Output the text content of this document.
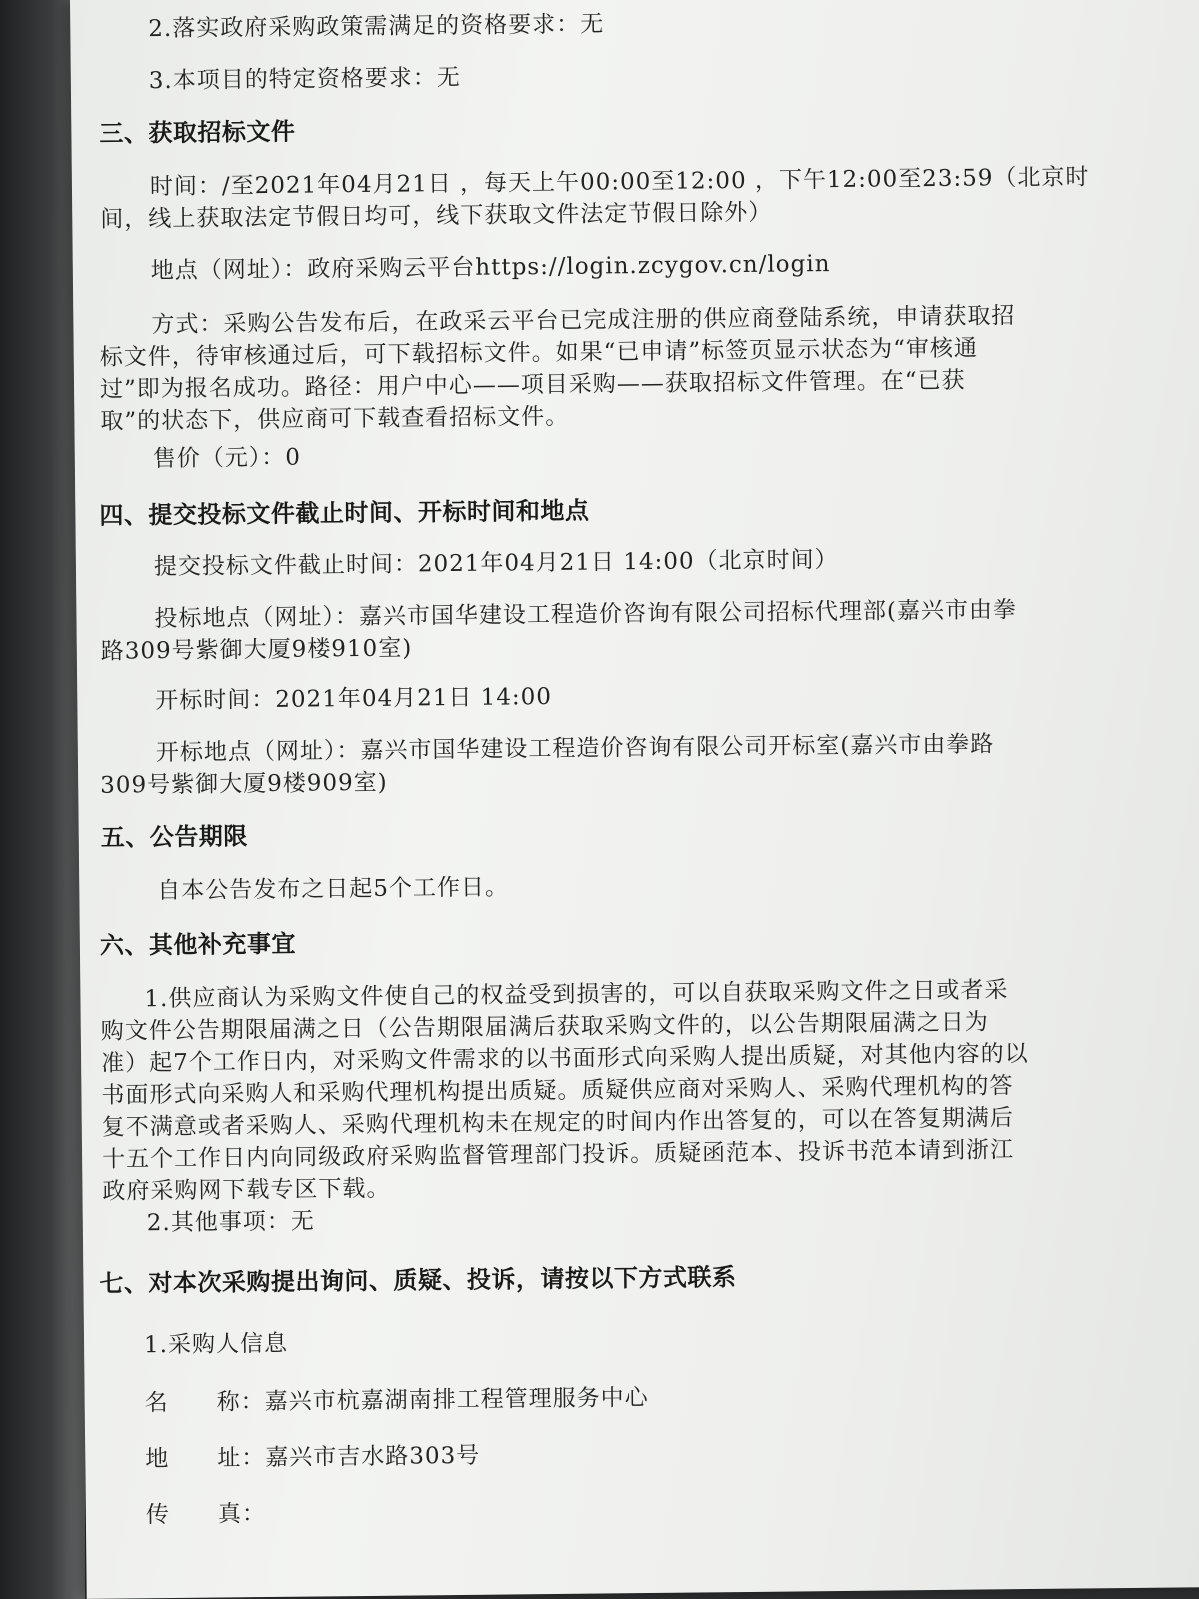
2.落实政府采购政策需满足的资格要求：无
3.本项目的特定资格要求：无
三、获取招标文件
时间：/至2021年04月21日 ，每天上午00:00至12:00 ，下午12:00至23:59（北京时
间，线上获取法定节假日均可，线下获取文件法定节假日除外）
地点（网址）：政府采购云平台https://login.zcygov.cn/login
方式：采购公告发布后，在政采云平台已完成注册的供应商登陆系统，申请获取招
标文件，待审核通过后，可下载招标文件。如果“已申请”标签页显示状态为“审核通
过”即为报名成功。路径：用户中心——项目采购——获取招标文件管理。在“已获
取”的状态下，供应商可下载查看招标文件。
售价（元）：0
四、提交投标文件截止时间、开标时间和地点
提交投标文件截止时间：2021年04月21日 14:00（北京时间）
投标地点（网址）：嘉兴市国华建设工程造价咨询有限公司招标代理部(嘉兴市由拳
路309号紫御大厦9楼910室)
开标时间：2021年04月21日 14:00
开标地点（网址）：嘉兴市国华建设工程造价咨询有限公司开标室(嘉兴市由拳路
309号紫御大厦9楼909室)
五、公告期限
自本公告发布之日起5个工作日。
六、其他补充事宜
1.供应商认为采购文件使自己的权益受到损害的，可以自获取采购文件之日或者采
购文件公告期限届满之日（公告期限届满后获取采购文件的，以公告期限届满之日为
准）起7个工作日内，对采购文件需求的以书面形式向采购人提出质疑，对其他内容的以
书面形式向采购人和采购代理机构提出质疑。质疑供应商对采购人、采购代理机构的答
复不满意或者采购人、采购代理机构未在规定的时间内作出答复的，可以在答复期满后
十五个工作日内向同级政府采购监督管理部门投诉。质疑函范本、投诉书范本请到浙江
政府采购网下载专区下载。
2.其他事项：无
七、对本次采购提出询问、质疑、投诉，请按以下方式联系
1.采购人信息
名　　称：嘉兴市杭嘉湖南排工程管理服务中心
地　　址：嘉兴市吉水路303号
传　　真：
